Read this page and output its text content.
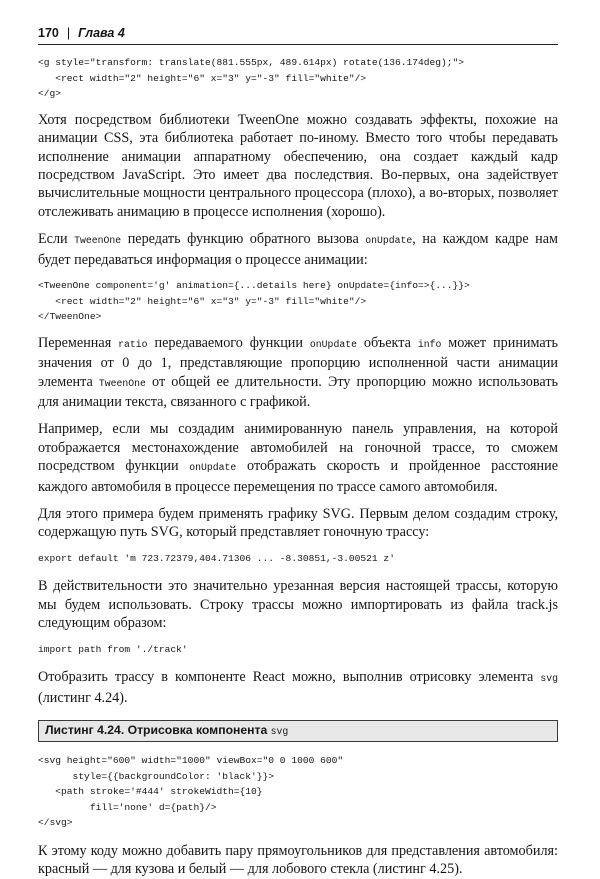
170 | Глава 4
<g style="transform: translate(881.555px, 489.614px) rotate(136.174deg);">
<rect width="2" height="6" x="3" y="-3" fill="white"/>
</g>

Хотя посредством библиотеки TweenOne можно создавать эффекты, похожие на анимации CSS, эта библиотека работает по-иному. Вместо того чтобы передавать исполнение анимации аппаратному обеспечению, она создает каждый кадр посредством JavaScript. Это имеет два последствия. Во-первых, она задействует вычислительные мощности центрального процессора (плохо), а во-вторых, позволяет отслеживать анимацию в процессе исполнения (хорошо).

Если TweenOne передать функцию обратного вызова onUpdate, на каждом кадре нам будет передаваться информация о процессе анимации:

<TweenOne component='g' animation={...details here} onUpdate={info=>{...}}>
<rect width="2" height="6" x="3" y="-3" fill="white"/>
</TweenOne>

Переменная ratio передаваемого функции onUpdate объекта info может принимать значения от 0 до 1, представляющие пропорцию исполненной части анимации элемента TweenOne от общей ее длительности. Эту пропорцию можно использовать для анимации текста, связанного с графикой.

Например, если мы создадим анимированную панель управления, на которой отображается местонахождение автомобилей на гоночной трассе, то сможем посредством функции onUpdate отображать скорость и пройденное расстояние каждого автомобиля в процессе перемещения по трассе самого автомобиля.

Для этого примера будем применять графику SVG. Первым делом создадим строку, содержащую путь SVG, который представляет гоночную трассу:

export default 'm 723.72379,404.71306 ... -8.30851,-3.00521 z'

В действительности это значительно урезанная версия настоящей трассы, которую мы будем использовать. Строку трассы можно импортировать из файла track.js следующим образом:

import path from './track'

Отобразить трассу в компоненте React можно, выполнив отрисовку элемента svg (листинг 4.24).

Листинг 4.24. Отрисовка компонента svg
<svg height="600" width="1000" viewBox="0 0 1000 600"
style={{backgroundColor: 'black'}}>
<path stroke='#444' strokeWidth={10}
fill='none' d={path}/>
</svg>

К этому коду можно добавить пару прямоугольников для представления автомобиля: красный — для кузова и белый — для лобового стекла (листинг 4.25).
